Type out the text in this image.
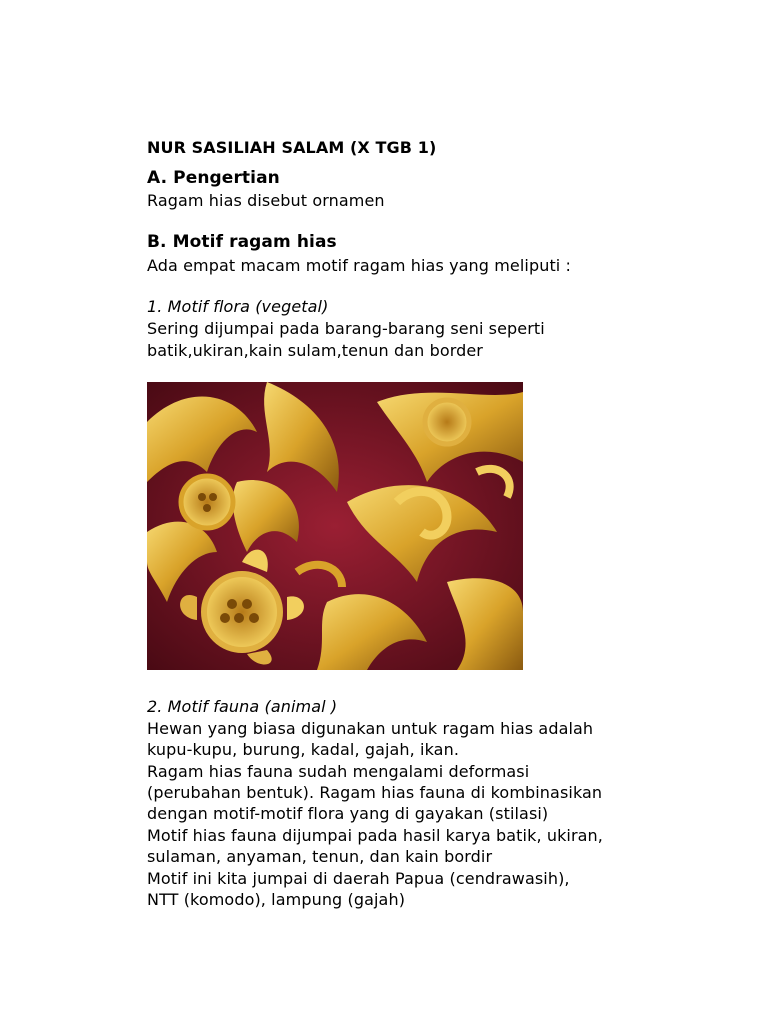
NUR SASILIAH SALAM (X TGB 1)
A. Pengertian
Ragam hias disebut ornamen
B. Motif ragam hias
Ada empat macam motif ragam hias yang meliputi :
1. Motif flora (vegetal)
Sering dijumpai pada barang-barang seni seperti
batik,ukiran,kain sulam,tenun dan border
2. Motif fauna (animal )
Hewan yang biasa digunakan untuk ragam hias adalah
kupu-kupu, burung, kadal, gajah, ikan.
Ragam hias fauna sudah mengalami deformasi
(perubahan bentuk). Ragam hias fauna di kombinasikan
dengan motif-motif flora yang di gayakan (stilasi)
Motif hias fauna dijumpai pada hasil karya batik, ukiran,
sulaman, anyaman, tenun, dan kain bordir
Motif ini kita jumpai di daerah Papua (cendrawasih),
NTT (komodo), lampung (gajah)
